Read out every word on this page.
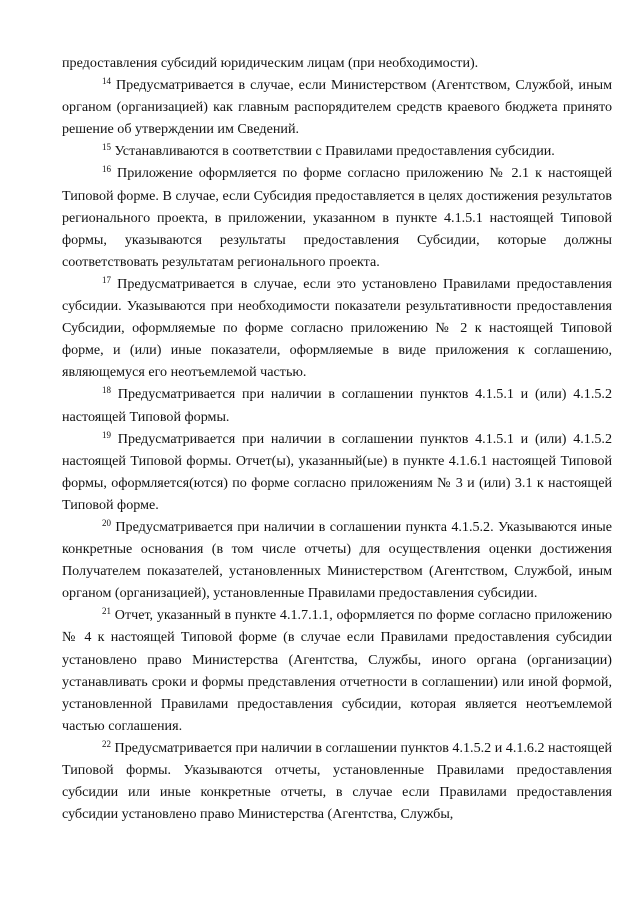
предоставления субсидий юридическим лицам (при необходимости).

$^{14}$ Предусматривается в случае, если Министерством (Агентством, Службой, иным органом (организацией) как главным распорядителем средств краевого бюджета принято решение об утверждении им Сведений.

$^{15}$ Устанавливаются в соответствии с Правилами предоставления субсидии.

$^{16}$ Приложение оформляется по форме согласно приложению № 2.1 к настоящей Типовой форме. В случае, если Субсидия предоставляется в целях достижения результатов регионального проекта, в приложении, указанном в пункте 4.1.5.1 настоящей Типовой формы, указываются результаты предоставления Субсидии, которые должны соответствовать результатам регионального проекта.

$^{17}$ Предусматривается в случае, если это установлено Правилами предоставления субсидии. Указываются при необходимости показатели результативности предоставления Субсидии, оформляемые по форме согласно приложению № 2 к настоящей Типовой форме, и (или) иные показатели, оформляемые в виде приложения к соглашению, являющемуся его неотъемлемой частью.

$^{18}$ Предусматривается при наличии в соглашении пунктов 4.1.5.1 и (или) 4.1.5.2 настоящей Типовой формы.

$^{19}$ Предусматривается при наличии в соглашении пунктов 4.1.5.1 и (или) 4.1.5.2 настоящей Типовой формы. Отчет(ы), указанный(ые) в пункте 4.1.6.1 настоящей Типовой формы, оформляется(ются) по форме согласно приложениям № 3 и (или) 3.1 к настоящей Типовой форме.

$^{20}$ Предусматривается при наличии в соглашении пункта 4.1.5.2. Указываются иные конкретные основания (в том числе отчеты) для осуществления оценки достижения Получателем показателей, установленных Министерством (Агентством, Службой, иным органом (организацией), установленные Правилами предоставления субсидии.

$^{21}$ Отчет, указанный в пункте 4.1.7.1.1, оформляется по форме согласно приложению № 4 к настоящей Типовой форме (в случае если Правилами предоставления субсидии установлено право Министерства (Агентства, Службы, иного органа (организации) устанавливать сроки и формы представления отчетности в соглашении) или иной формой, установленной Правилами предоставления субсидии, которая является неотъемлемой частью соглашения.

$^{22}$ Предусматривается при наличии в соглашении пунктов 4.1.5.2 и 4.1.6.2 настоящей Типовой формы. Указываются отчеты, установленные Правилами предоставления субсидии или иные конкретные отчеты, в случае если Правилами предоставления субсидии установлено право Министерства (Агентства, Службы,
